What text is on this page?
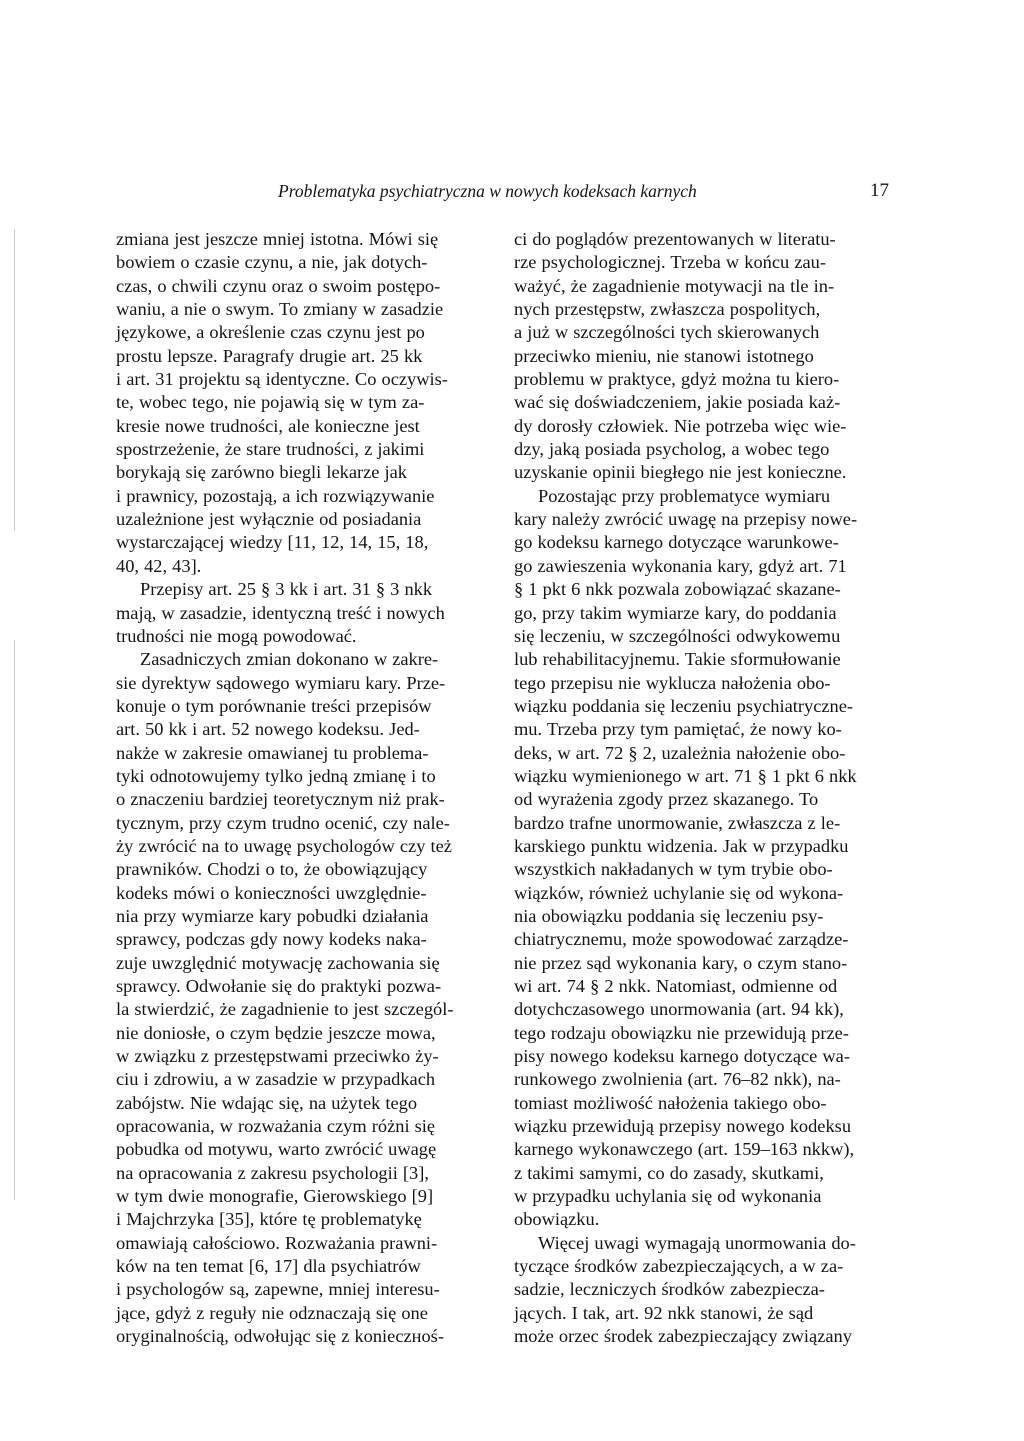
Problematyka psychiatryczna w nowych kodeksach karnych	17
zmiana jest jeszcze mniej istotna. Mówi się
bowiem o czasie czynu, a nie, jak dotych-
czas, o chwili czynu oraz o swoim postępo-
waniu, a nie o swym. To zmiany w zasadzie
językowe, a określenie czas czynu jest po
prostu lepsze. Paragrafy drugie art. 25 kk
i art. 31 projektu są identyczne. Co oczywis-
te, wobec tego, nie pojawią się w tym za-
kresie nowe trudności, ale konieczne jest
spostrzeżenie, że stare trudności, z jakimi
borykają się zarówno biegli lekarze jak
i prawnicy, pozostają, a ich rozwiązywanie
uzależnione jest wyłącznie od posiadania
wystarczającej wiedzy [11, 12, 14, 15, 18,
40, 42, 43].
Przepisy art. 25 § 3 kk i art. 31 § 3 nkk
mają, w zasadzie, identyczną treść i nowych
trudności nie mogą powodować.
Zasadniczych zmian dokonano w zakre-
sie dyrektyw sądowego wymiaru kary. Prze-
konuje o tym porównanie treści przepisów
art. 50 kk i art. 52 nowego kodeksu. Jed-
nakże w zakresie omawianej tu problema-
tyki odnotowujemy tylko jedną zmianę i to
o znaczeniu bardziej teoretycznym niż prak-
tycznym, przy czym trudno ocenić, czy nale-
ży zwrócić na to uwagę psychologów czy też
prawników. Chodzi o to, że obowiązujący
kodeks mówi o konieczności uwzględnie-
nia przy wymiarze kary pobudki działania
sprawcy, podczas gdy nowy kodeks naka-
zuje uwzględnić motywację zachowania się
sprawcy. Odwołanie się do praktyki pozwa-
la stwierdzić, że zagadnienie to jest szczegól-
nie doniosłe, o czym będzie jeszcze mowa,
w związku z przestępstwami przeciwko ży-
ciu i zdrowiu, a w zasadzie w przypadkach
zabójstw. Nie wdając się, na użytek tego
opracowania, w rozważania czym różni się
pobudka od motywu, warto zwrócić uwagę
na opracowania z zakresu psychologii [3],
w tym dwie monografie, Gierowskiego [9]
i Majchrzyka [35], które tę problematykę
omawiają całościowo. Rozważania prawni-
ków na ten temat [6, 17] dla psychiatrów
i psychologów są, zapewne, mniej interesu-
jące, gdyż z reguły nie odznaczają się one
oryginalnością, odwołując się z konieczноś-
ci do poglądów prezentowanych w literatu-
rze psychologicznej. Trzeba w końcu zau-
ważyć, że zagadnienie motywacji na tle in-
nych przestępstw, zwłaszcza pospolitych,
a już w szczególności tych skierowanych
przeciwko mieniu, nie stanowi istotnego
problemu w praktyce, gdyż można tu kiero-
wać się doświadczeniem, jakie posiada każ-
dy dorosły człowiek. Nie potrzeba więc wie-
dzy, jaką posiada psycholog, a wobec tego
uzyskanie opinii biegłego nie jest konieczne.
Pozostając przy problematyce wymiaru
kary należy zwrócić uwagę na przepisy nowe-
go kodeksu karnego dotyczące warunkowe-
go zawieszenia wykonania kary, gdyż art. 71
§ 1 pkt 6 nkk pozwala zobowiązać skazane-
go, przy takim wymiarze kary, do poddania
się leczeniu, w szczególności odwykowemu
lub rehabilitacyjnemu. Takie sformułowanie
tego przepisu nie wyklucza nałożenia obo-
wiązku poddania się leczeniu psychiatryczne-
mu. Trzeba przy tym pamiętać, że nowy ko-
deks, w art. 72 § 2, uzależnia nałożenie obo-
wiązku wymienionego w art. 71 § 1 pkt 6 nkk
od wyrażenia zgody przez skazanego. To
bardzo trafne unormowanie, zwłaszcza z le-
karskiego punktu widzenia. Jak w przypadku
wszystkich nakładanych w tym trybie obo-
wiązków, również uchylanie się od wykona-
nia obowiązku poddania się leczeniu psy-
chiatrycznemu, może spowodować zarządze-
nie przez sąd wykonania kary, o czym stano-
wi art. 74 § 2 nkk. Natomiast, odmienne od
dotychczasowego unormowania (art. 94 kk),
tego rodzaju obowiązku nie przewidują prze-
pisy nowego kodeksu karnego dotyczące wa-
runkowego zwolnienia (art. 76–82 nkk), na-
tomiast możliwość nałożenia takiego obo-
wiązku przewidują przepisy nowego kodeksu
karnego wykonawczego (art. 159–163 nkkw),
z takimi samymi, co do zasady, skutkami,
w przypadku uchylania się od wykonania
obowiązku.
Więcej uwagi wymagają unormowania do-
tyczące środków zabezpieczających, a w za-
sadzie, leczniczych środków zabezpiecza-
jących. I tak, art. 92 nkk stanowi, że sąd
może orzec środek zabezpieczający związany
